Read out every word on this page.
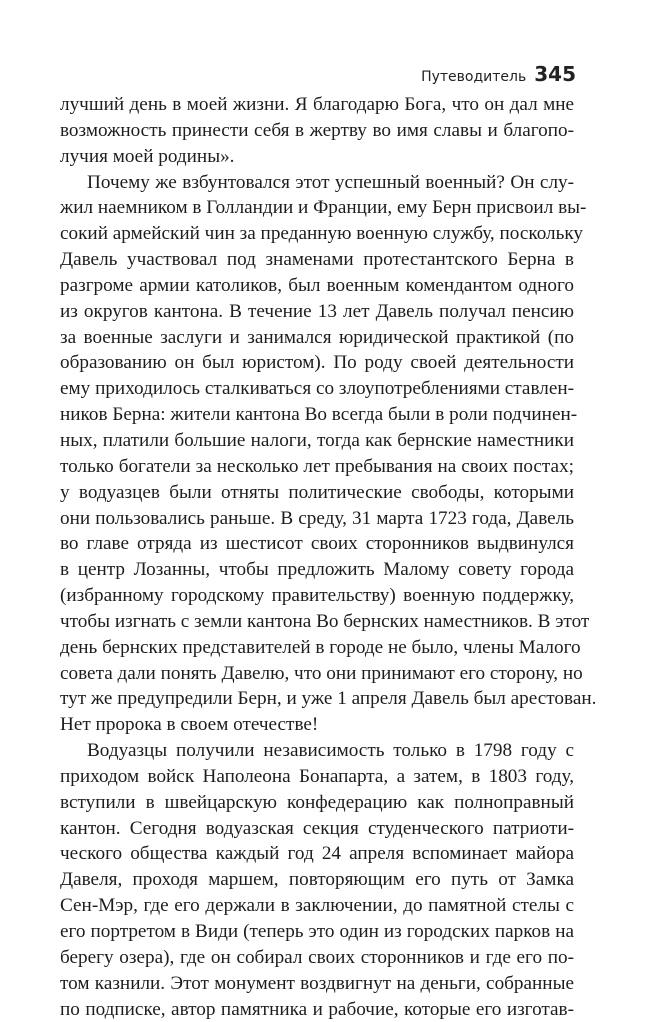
Путеводитель 345
лучший день в моей жизни. Я благодарю Бога, что он дал мне
возможность принести себя в жертву во имя славы и благопо-
лучия моей родины».
Почему же взбунтовался этот успешный военный? Он слу-
жил наемником в Голландии и Франции, ему Берн присвоил вы-
сокий армейский чин за преданную военную службу, поскольку
Давель участвовал под знаменами протестантского Берна в
разгроме армии католиков, был военным комендантом одного
из округов кантона. В течение 13 лет Давель получал пенсию
за военные заслуги и занимался юридической практикой (по
образованию он был юристом). По роду своей деятельности
ему приходилось сталкиваться со злоупотреблениями ставлен-
ников Берна: жители кантона Во всегда были в роли подчинен-
ных, платили большие налоги, тогда как бернские наместники
только богатели за несколько лет пребывания на своих постах;
у водуазцев были отняты политические свободы, которыми
они пользовались раньше. В среду, 31 марта 1723 года, Давель
во главе отряда из шестисот своих сторонников выдвинулся
в центр Лозанны, чтобы предложить Малому совету города
(избранному городскому правительству) военную поддержку,
чтобы изгнать с земли кантона Во бернских наместников. В этот
день бернских представителей в городе не было, члены Малого
совета дали понять Давелю, что они принимают его сторону, но
тут же предупредили Берн, и уже 1 апреля Давель был арестован.
Нет пророка в своем отечестве!
Водуазцы получили независимость только в 1798 году с
приходом войск Наполеона Бонапарта, а затем, в 1803 году,
вступили в швейцарскую конфедерацию как полноправный
кантон. Сегодня водуазская секция студенческого патриоти-
ческого общества каждый год 24 апреля вспоминает майора
Давеля, проходя маршем, повторяющим его путь от Замка
Сен-Мэр, где его держали в заключении, до памятной стелы с
его портретом в Види (теперь это один из городских парков на
берегу озера), где он собирал своих сторонников и где его по-
том казнили. Этот монумент воздвигнут на деньги, собранные
по подписке, автор памятника и рабочие, которые его изготав-
